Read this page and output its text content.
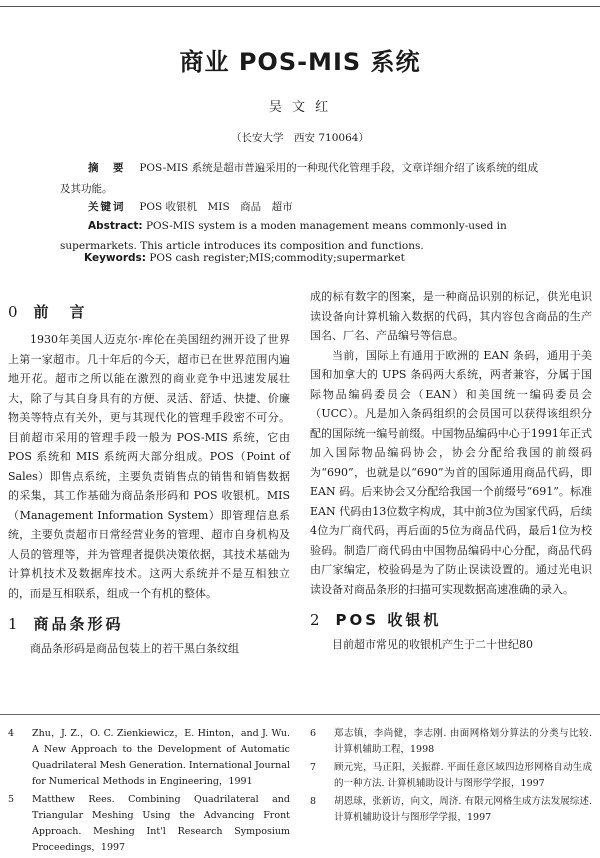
商业 POS-MIS 系统
吴 文 红
（长安大学　西安 710064）
摘　要　 POS-MIS 系统是超市普遍采用的一种现代化管理手段，文章详细介绍了该系统的组成及其功能。
关键词　 POS 收银机　MIS　商品　超市
Abstract: POS-MIS system is a moden management means commonly-used in supermarkets. This article introduces its composition and functions.
Keywords: POS cash register;MIS;commodity;supermarket
0 前　言

1930年美国人迈克尔·库伦在美国纽约洲开设了世界上第一家超市。几十年后的今天，超市已在世界范围内遍地开花。超市之所以能在激烈的商业竞争中迅速发展壮大，除了与其自身具有的方便、灵活、舒适、快捷、价廉物美等特点有关外，更与其现代化的管理手段密不可分。目前超市采用的管理手段一般为 POS-MIS 系统，它由 POS 系统和 MIS 系统两大部分组成。POS（Point of Sales）即售点系统，主要负责销售点的销售和销售数据的采集，其工作基础为商品条形码和 POS 收银机。MIS（Management Information System）即管理信息系统，主要负责超市日常经营业务的管理、超市自身机构及人员的管理等，并为管理者提供决策依据，其技术基础为计算机技术及数据库技术。这两大系统并不是互相独立的，而是互相联系，组成一个有机的整体。

1 商品条形码

商品条形码是商品包装上的若干黑白条纹组

成的标有数字的图案，是一种商品识别的标记，供光电识读设备向计算机输入数据的代码，其内容包含商品的生产国名、厂名、产品编号等信息。

当前，国际上有通用于欧洲的 EAN 条码，通用于美国和加拿大的 UPS 条码两大系统，两者兼容，分属于国际物品编码委员会（EAN）和美国统一编码委员会（UCC）。凡是加入条码组织的会员国可以获得该组织分配的国际统一编号前缀。中国物品编码中心于1991年正式加入国际物品编码协会，协会分配给我国的前缀码为“690”，也就是以“690”为首的国际通用商品代码，即 EAN 码。后来协会又分配给我国一个前缀号“691”。标准 EAN 代码由13位数字构成，其中前3位为国家代码，后续4位为厂商代码，再后面的5位为商品代码，最后1位为校验码。制造厂商代码由中国物品编码中心分配，商品代码由厂家编定，校验码是为了防止误读设置的。通过光电识读设备对商品条形的扫描可实现数据高速准确的录入。

2 POS 收银机

目前超市常见的收银机产生于二十世纪80

4	Zhu，J. Z.，O. C. Zienkiewicz，E. Hinton，and J. Wu. A New Approach to the Development of Automatic Quadrilateral Mesh Generation. International Journal for Numerical Methods in Engineering，1991
5	Matthew Rees. Combining Quadrilateral and Triangular Meshing Using the Advancing Front Approach. Meshing Int'l Research Symposium Proceedings，1997
6	郑志镇，李尚健，李志刚. 由面网格划分算法的分类与比较. 计算机辅助工程，1998
7	顾元宪，马正阳，关振群. 平面任意区域四边形网格自动生成的一种方法. 计算机辅助设计与图形学学报，1997
8	胡恩球，张新访，向文，周济. 有限元网格生成方法发展综述. 计算机辅助设计与图形学学报，1997
